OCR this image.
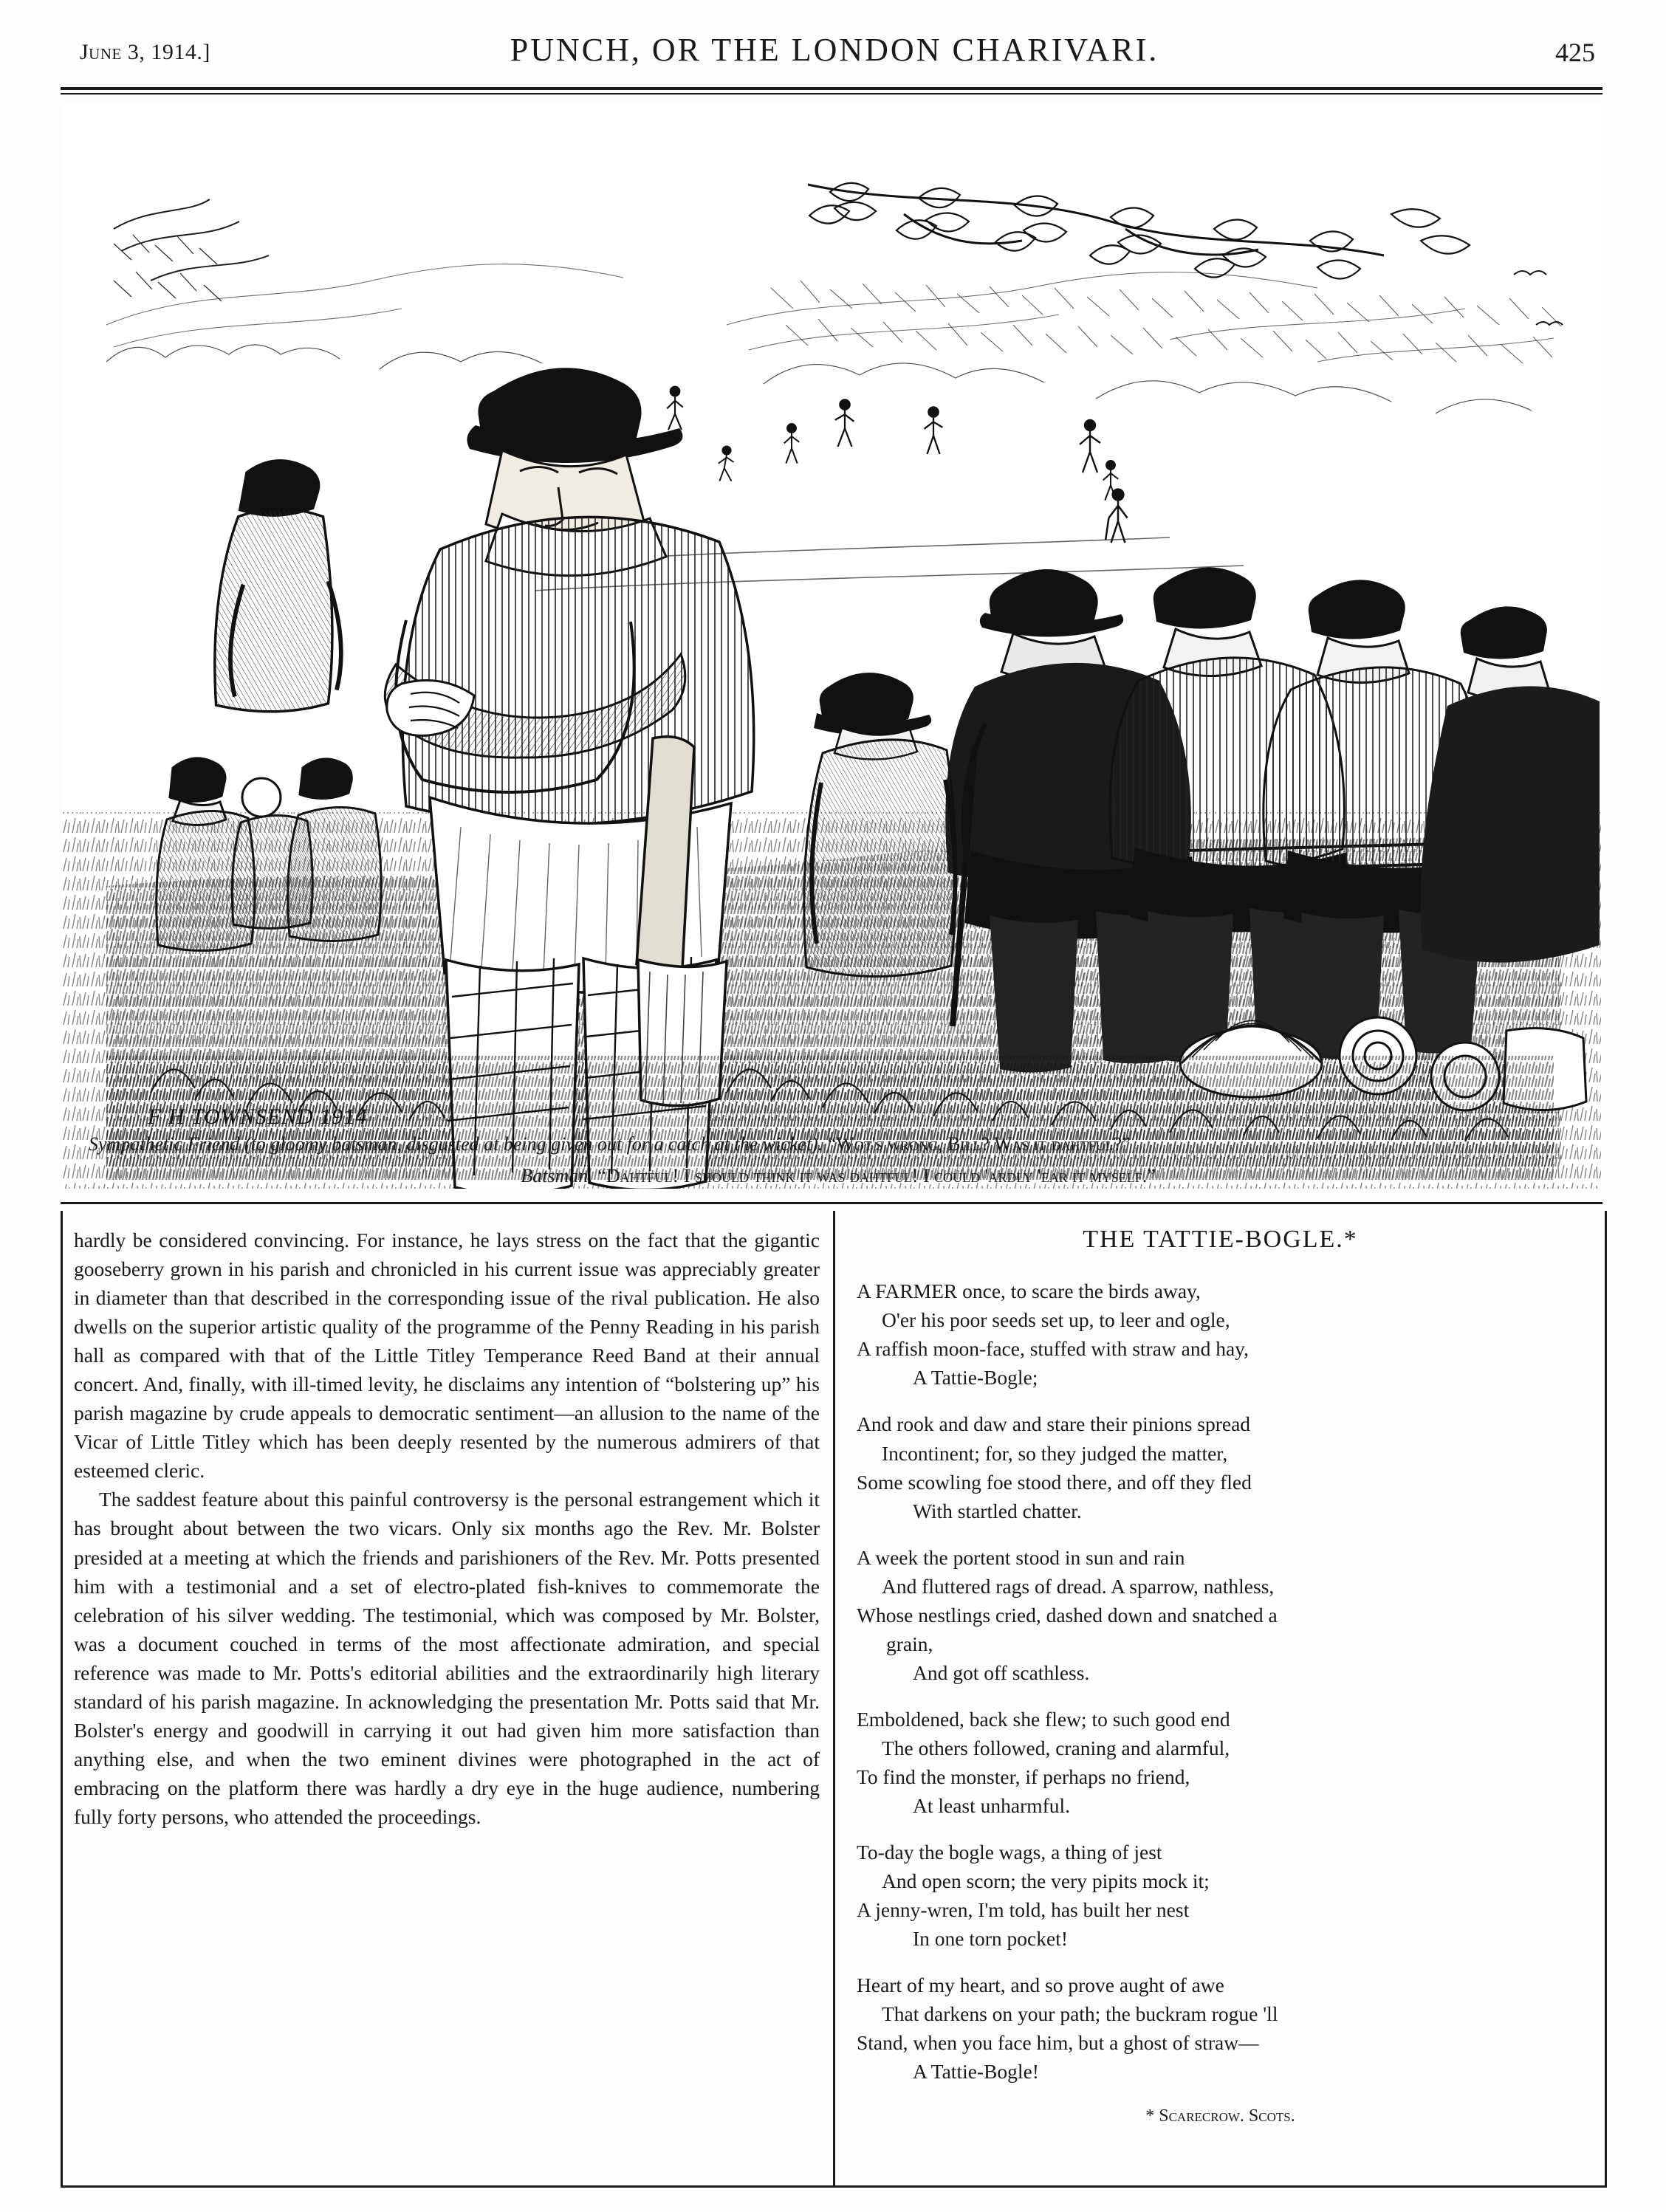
June 3, 1914.]	PUNCH, OR THE LONDON CHARIVARI.	425
F H TOWNSEND 1914
Sympathetic Friend (to gloomy batsman, disgusted at being given out for a catch at the wicket). “Wot's wrong, Bill? Was it dahtful?”
Batsman. “Dahtful! I should think it was dahtful! I could 'ardly 'ear it myself.”

hardly be considered convincing. For instance, he lays stress on the fact that the gigantic gooseberry grown in his parish and chronicled in his current issue was appreciably greater in diameter than that described in the corresponding issue of the rival publication. He also dwells on the superior artistic quality of the programme of the Penny Reading in his parish hall as compared with that of the Little Titley Temperance Reed Band at their annual concert. And, finally, with ill-timed levity, he disclaims any intention of “bolstering up” his parish magazine by crude appeals to democratic sentiment—an allusion to the name of the Vicar of Little Titley which has been deeply resented by the numerous admirers of that esteemed cleric.

The saddest feature about this painful controversy is the personal estrangement which it has brought about between the two vicars. Only six months ago the Rev. Mr. Bolster presided at a meeting at which the friends and parishioners of the Rev. Mr. Potts presented him with a testimonial and a set of electro-plated fish-knives to commemorate the celebration of his silver wedding. The testimonial, which was composed by Mr. Bolster, was a document couched in terms of the most affectionate admiration, and special reference was made to Mr. Potts's editorial abilities and the extraordinarily high literary standard of his parish magazine. In acknowledging the presentation Mr. Potts said that Mr. Bolster's energy and goodwill in carrying it out had given him more satisfaction than anything else, and when the two eminent divines were photographed in the act of embracing on the platform there was hardly a dry eye in the huge audience, numbering fully forty persons, who attended the proceedings.

THE TATTIE-BOGLE.*
A FARMER once, to scare the birds away,
O'er his poor seeds set up, to leer and ogle,
A raffish moon-face, stuffed with straw and hay,
A Tattie-Bogle;
And rook and daw and stare their pinions spread
Incontinent; for, so they judged the matter,
Some scowling foe stood there, and off they fled
With startled chatter.
A week the portent stood in sun and rain
And fluttered rags of dread. A sparrow, nathless,
Whose nestlings cried, dashed down and snatched a
grain,
And got off scathless.
Emboldened, back she flew; to such good end
The others followed, craning and alarmful,
To find the monster, if perhaps no friend,
At least unharmful.
To-day the bogle wags, a thing of jest
And open scorn; the very pipits mock it;
A jenny-wren, I'm told, has built her nest
In one torn pocket!
Heart of my heart, and so prove aught of awe
That darkens on your path; the buckram rogue 'll
Stand, when you face him, but a ghost of straw—
A Tattie-Bogle!
* Scarecrow. Scots.
